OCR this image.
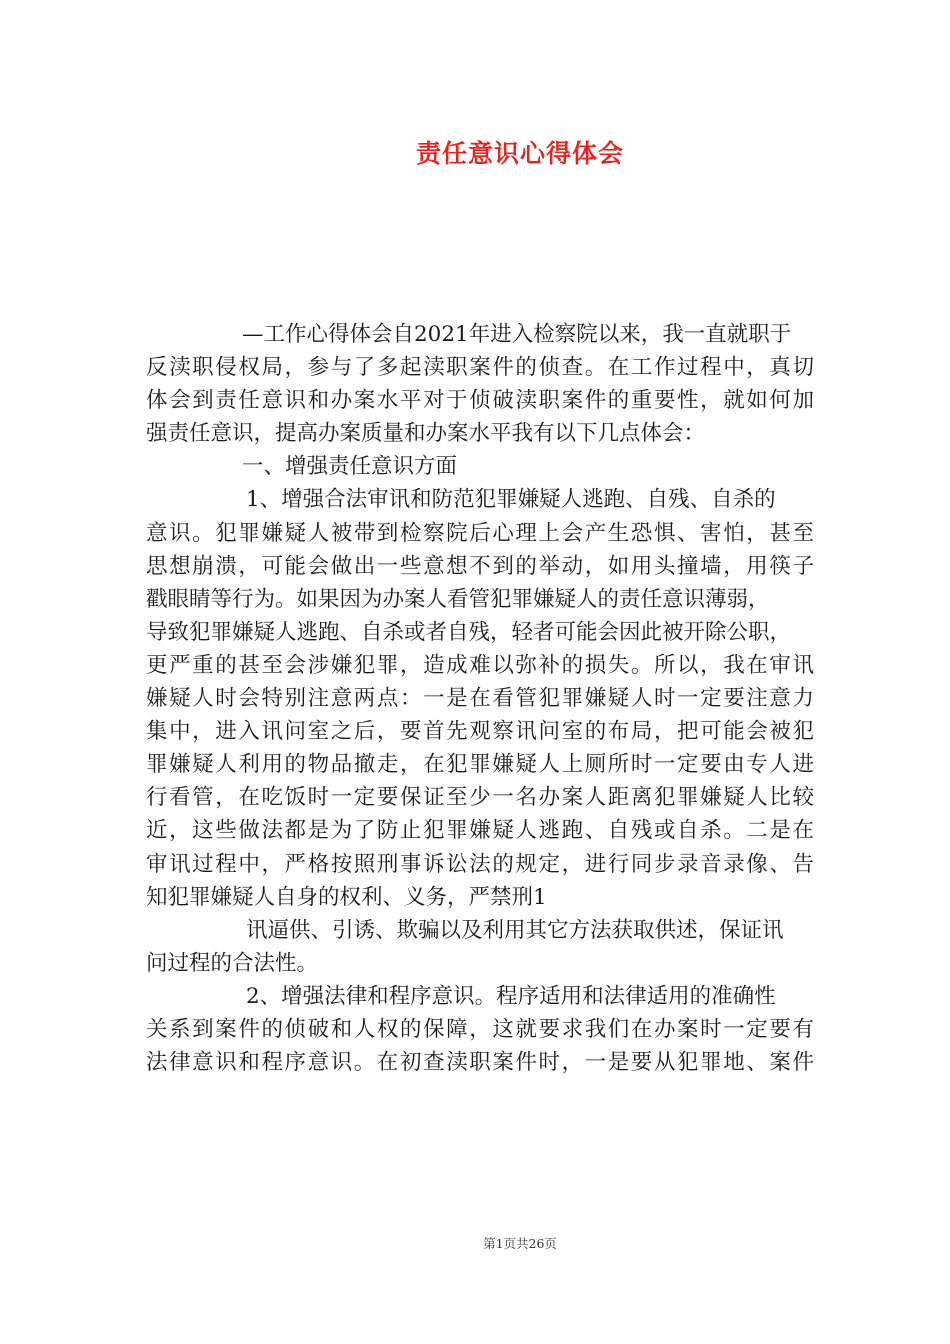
责任意识心得体会
—工作心得体会自2021年进入检察院以来，我一直就职于
反渎职侵权局，参与了多起渎职案件的侦查。在工作过程中，真切
体会到责任意识和办案水平对于侦破渎职案件的重要性，就如何加
强责任意识，提高办案质量和办案水平我有以下几点体会：
一、增强责任意识方面
1、增强合法审讯和防范犯罪嫌疑人逃跑、自残、自杀的
意识。犯罪嫌疑人被带到检察院后心理上会产生恐惧、害怕，甚至
思想崩溃，可能会做出一些意想不到的举动，如用头撞墙，用筷子
戳眼睛等行为。如果因为办案人看管犯罪嫌疑人的责任意识薄弱，
导致犯罪嫌疑人逃跑、自杀或者自残，轻者可能会因此被开除公职，
更严重的甚至会涉嫌犯罪，造成难以弥补的损失。所以，我在审讯
嫌疑人时会特别注意两点：一是在看管犯罪嫌疑人时一定要注意力
集中，进入讯问室之后，要首先观察讯问室的布局，把可能会被犯
罪嫌疑人利用的物品撤走，在犯罪嫌疑人上厕所时一定要由专人进
行看管，在吃饭时一定要保证至少一名办案人距离犯罪嫌疑人比较
近，这些做法都是为了防止犯罪嫌疑人逃跑、自残或自杀。二是在
审讯过程中，严格按照刑事诉讼法的规定，进行同步录音录像、告
知犯罪嫌疑人自身的权利、义务，严禁刑1
讯逼供、引诱、欺骗以及利用其它方法获取供述，保证讯
问过程的合法性。
2、增强法律和程序意识。程序适用和法律适用的准确性
关系到案件的侦破和人权的保障，这就要求我们在办案时一定要有
法律意识和程序意识。在初查渎职案件时，一是要从犯罪地、案件
第1页共26页
